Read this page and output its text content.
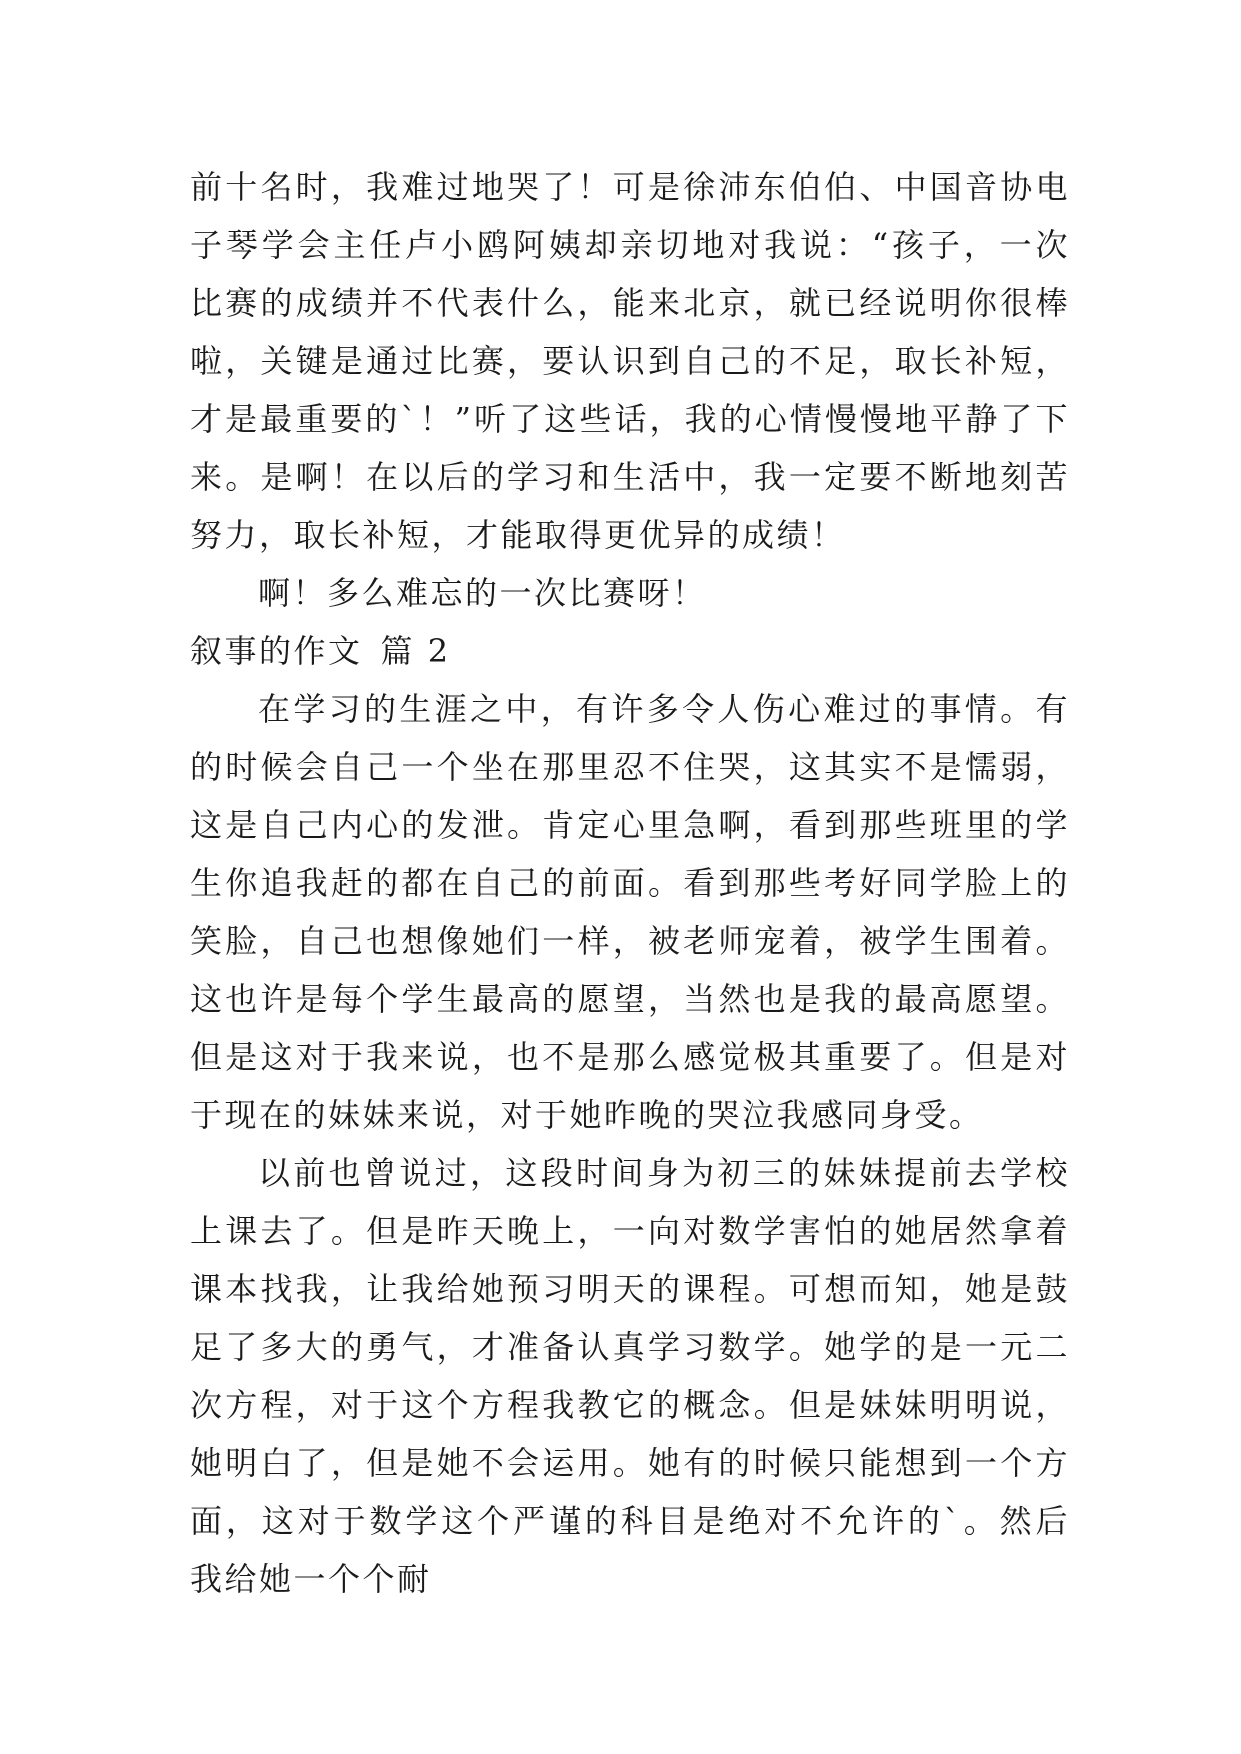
前十名时，我难过地哭了！可是徐沛东伯伯、中国音协电子琴学会主任卢小鸥阿姨却亲切地对我说：“孩子，一次比赛的成绩并不代表什么，能来北京，就已经说明你很棒啦，关键是通过比赛，要认识到自己的不足，取长补短，才是最重要的`！”听了这些话，我的心情慢慢地平静了下来。是啊！在以后的学习和生活中，我一定要不断地刻苦努力，取长补短，才能取得更优异的成绩！

啊！多么难忘的一次比赛呀！

叙事的作文 篇 2

在学习的生涯之中，有许多令人伤心难过的事情。有的时候会自己一个坐在那里忍不住哭，这其实不是懦弱，这是自己内心的发泄。肯定心里急啊，看到那些班里的学生你追我赶的都在自己的前面。看到那些考好同学脸上的笑脸，自己也想像她们一样，被老师宠着，被学生围着。这也许是每个学生最高的愿望，当然也是我的最高愿望。但是这对于我来说，也不是那么感觉极其重要了。但是对于现在的妹妹来说，对于她昨晚的哭泣我感同身受。

以前也曾说过，这段时间身为初三的妹妹提前去学校上课去了。但是昨天晚上，一向对数学害怕的她居然拿着课本找我，让我给她预习明天的课程。可想而知，她是鼓足了多大的勇气，才准备认真学习数学。她学的是一元二次方程，对于这个方程我教它的概念。但是妹妹明明说，她明白了，但是她不会运用。她有的时候只能想到一个方面，这对于数学这个严谨的科目是绝对不允许的`。然后我给她一个个耐
